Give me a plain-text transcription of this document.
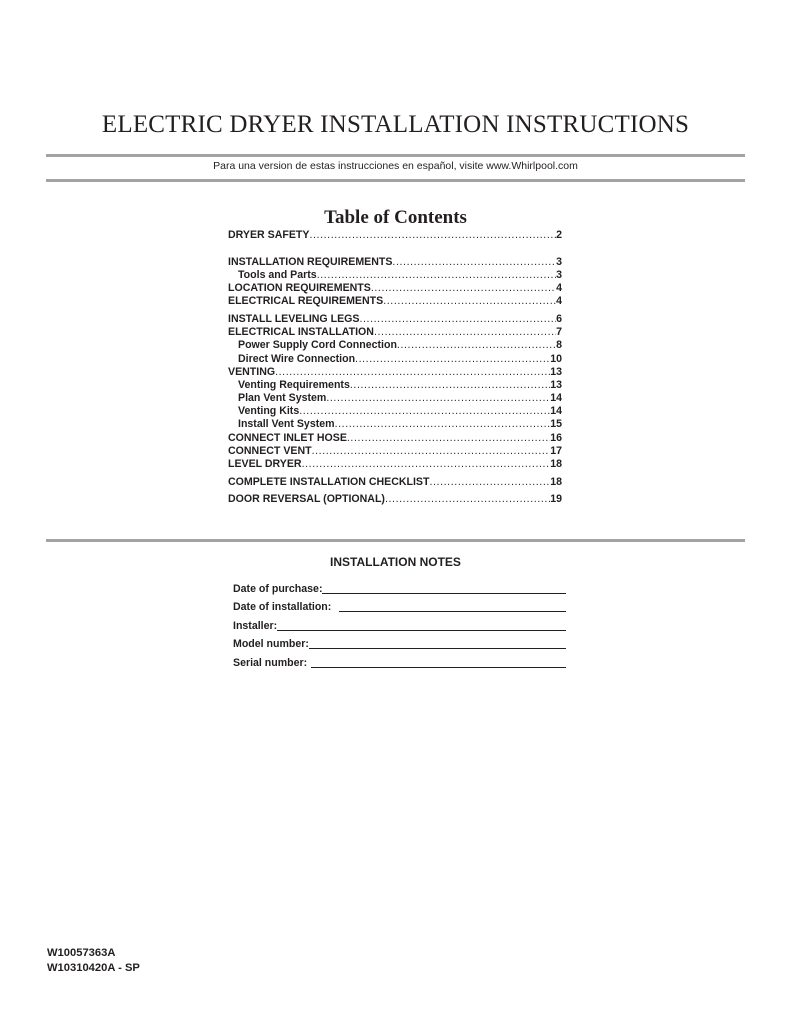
ELECTRIC DRYER INSTALLATION INSTRUCTIONS
Para una version de estas instrucciones en español, visite www.Whirlpool.com
Table of Contents
DRYER SAFETY .....	2
INSTALLATION REQUIREMENTS .....	3
Tools and Parts .....	3
LOCATION REQUIREMENTS .....	4
ELECTRICAL REQUIREMENTS .....	4
INSTALL LEVELING LEGS .....	6
ELECTRICAL INSTALLATION .....	7
Power Supply Cord Connection .....	8
Direct Wire Connection .....	10
VENTING .....	13
Venting Requirements .....	13
Plan Vent System .....	14
Venting Kits .....	14
Install Vent System .....	15
CONNECT INLET HOSE .....	16
CONNECT VENT .....	17
LEVEL DRYER .....	18
COMPLETE INSTALLATION CHECKLIST .....	18
DOOR REVERSAL (OPTIONAL) .....	19
INSTALLATION NOTES
Date of purchase:
Date of installation:
Installer:
Model number:
Serial number:
W10057363A
W10310420A - SP
